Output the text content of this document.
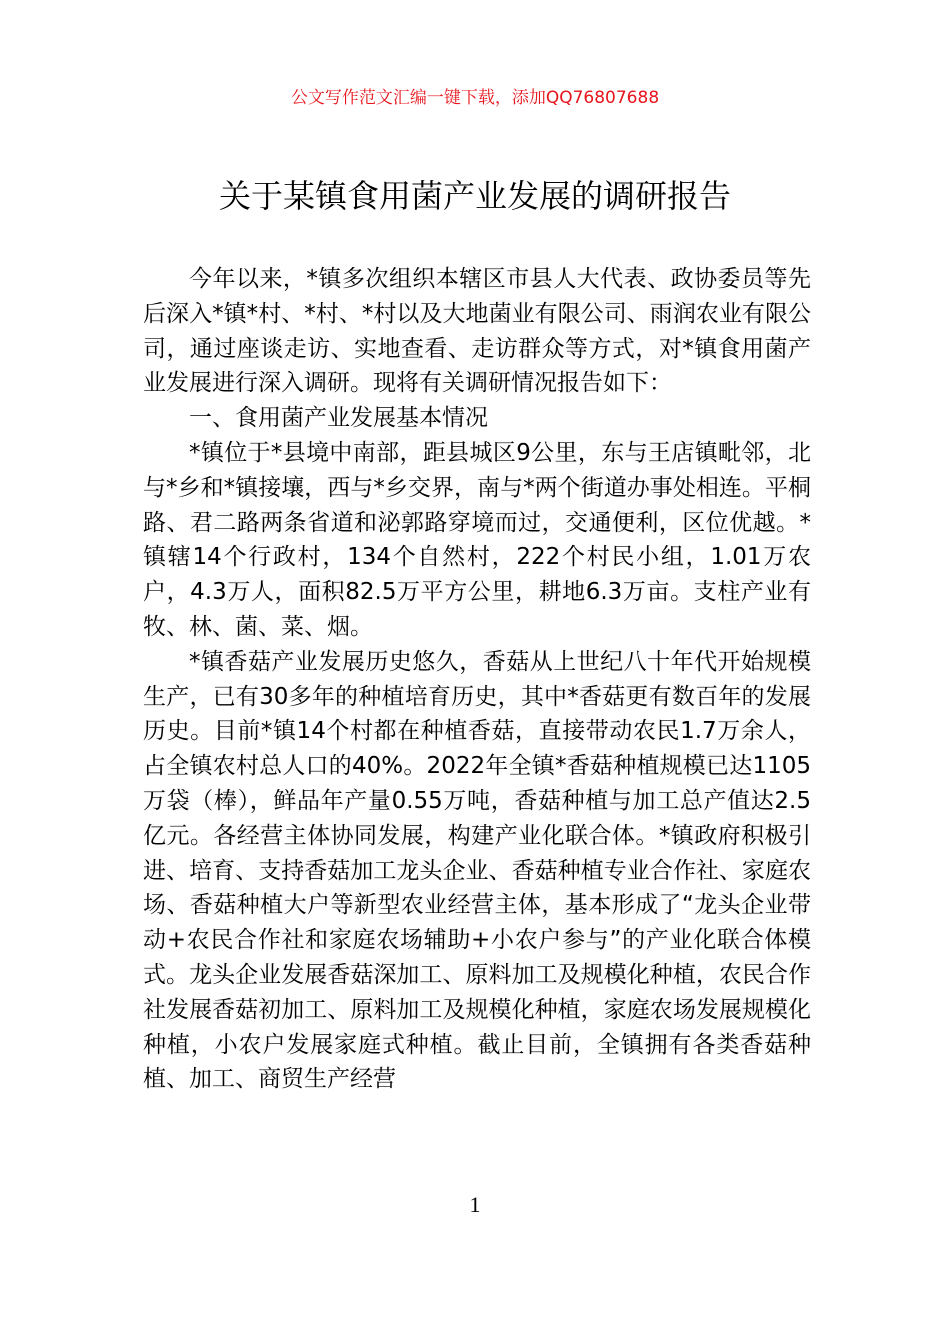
公文写作范文汇编一键下载，添加QQ76807688
关于某镇食用菌产业发展的调研报告

今年以来，*镇多次组织本辖区市县人大代表、政协委员等先后深入*镇*村、*村、*村以及大地菌业有限公司、雨润农业有限公司，通过座谈走访、实地查看、走访群众等方式，对*镇食用菌产业发展进行深入调研。现将有关调研情况报告如下：

一、食用菌产业发展基本情况

*镇位于*县境中南部，距县城区9公里，东与王店镇毗邻，北与*乡和*镇接壤，西与*乡交界，南与*两个街道办事处相连。平桐路、君二路两条省道和泌郭路穿境而过，交通便利，区位优越。*镇辖14个行政村，134个自然村，222个村民小组，1.01万农户，4.3万人，面积82.5万平方公里，耕地6.3万亩。支柱产业有牧、林、菌、菜、烟。

*镇香菇产业发展历史悠久，香菇从上世纪八十年代开始规模生产，已有30多年的种植培育历史，其中*香菇更有数百年的发展历史。目前*镇14个村都在种植香菇，直接带动农民1.7万余人，占全镇农村总人口的40%。2022年全镇*香菇种植规模已达1105万袋（棒），鲜品年产量0.55万吨，香菇种植与加工总产值达2.5亿元。各经营主体协同发展，构建产业化联合体。*镇政府积极引进、培育、支持香菇加工龙头企业、香菇种植专业合作社、家庭农场、香菇种植大户等新型农业经营主体，基本形成了“龙头企业带动+农民合作社和家庭农场辅助+小农户参与”的产业化联合体模式。龙头企业发展香菇深加工、原料加工及规模化种植，农民合作社发展香菇初加工、原料加工及规模化种植，家庭农场发展规模化种植，小农户发展家庭式种植。截止目前，全镇拥有各类香菇种植、加工、商贸生产经营

1
